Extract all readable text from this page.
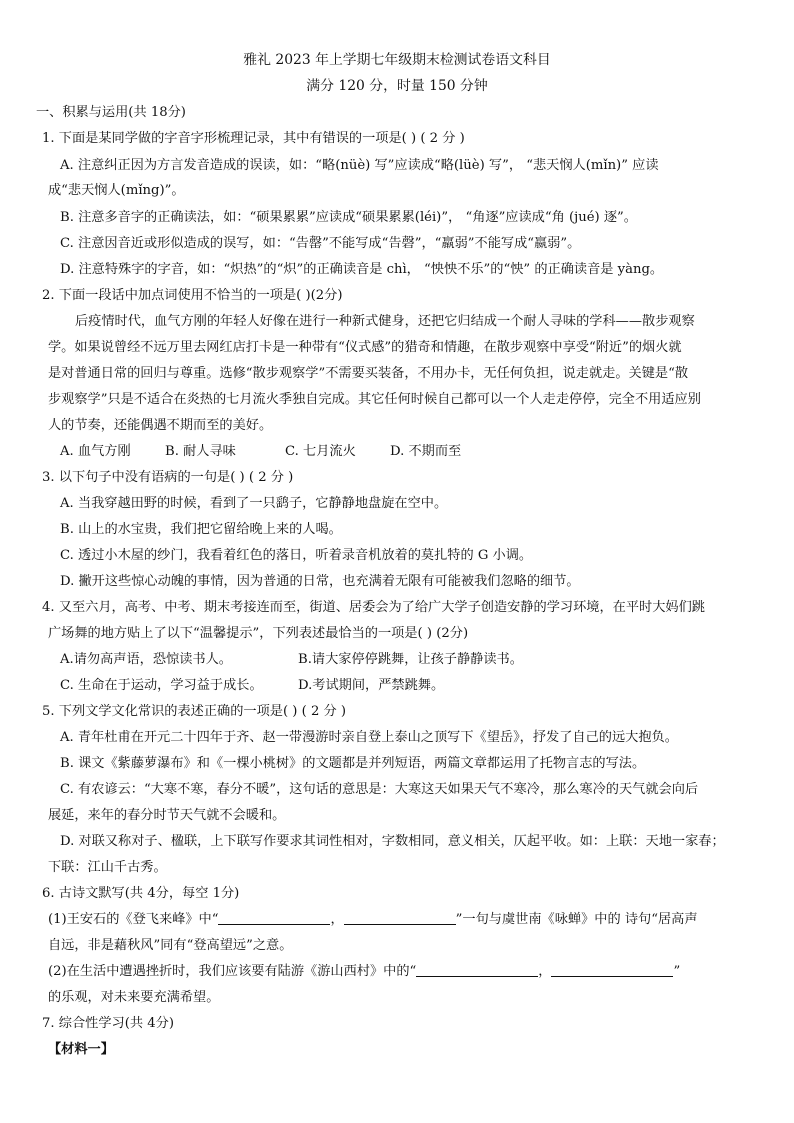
雅礼 2023 年上学期七年级期末检测试卷语文科目
满分 120 分，时量 150 分钟
一、积累与运用(共 18分)
1. 下面是某同学做的字音字形梳理记录，其中有错误的一项是( ) ( 2 分 )
A. 注意纠正因为方言发音造成的误读，如：“略(nüè) 写”应读成“略(lüè) 写”， “悲天悯人(mǐn)” 应读
成“悲天悯人(mǐng)”。
B. 注意多音字的正确读法，如：“硕果累累”应读成“硕果累累(léi)”， “角逐”应读成“角 (jué) 逐”。
C. 注意因音近或形似造成的误写，如：“告罄”不能写成“告磬”，“羸弱”不能写成“嬴弱”。
D. 注意特殊字的字音，如：“炽热”的“炽”的正确读音是 chì， “怏怏不乐”的“怏” 的正确读音是 yàng。
2. 下面一段话中加点词使用不恰当的一项是( )(2分)
后疫情时代，血气方刚的年轻人好像在进行一种新式健身，还把它归结成一个耐人寻味的学科——散步观察
学。如果说曾经不远万里去网红店打卡是一种带有“仪式感”的猎奇和情趣，在散步观察中享受“附近”的烟火就
是对普通日常的回归与尊重。选修“散步观察学”不需要买装备，不用办卡，无任何负担，说走就走。关键是“散
步观察学”只是不适合在炎热的七月流火季独自完成。其它任何时候自己都可以一个人走走停停，完全不用适应别
人的节奏，还能偶遇不期而至的美好。
A. 血气方刚	B. 耐人寻味	C. 七月流火	D. 不期而至
3. 以下句子中没有语病的一句是( ) ( 2 分 )
A. 当我穿越田野的时候，看到了一只鹞子，它静静地盘旋在空中。
B. 山上的水宝贵，我们把它留给晚上来的人喝。
C. 透过小木屋的纱门，我看着红色的落日，听着录音机放着的莫扎特的 G 小调。
D. 撇开这些惊心动魄的事情，因为普通的日常，也充满着无限有可能被我们忽略的细节。
4. 又至六月，高考、中考、期末考接连而至，街道、居委会为了给广大学子创造安静的学习环境，在平时大妈们跳
广场舞的地方贴上了以下“温馨提示”，下列表述最恰当的一项是( ) (2分)
A.请勿高声语，恐惊读书人。	B.请大家停停跳舞，让孩子静静读书。
C. 生命在于运动，学习益于成长。	D.考试期间，严禁跳舞。
5. 下列文学文化常识的表述正确的一项是( ) ( 2 分 )
A. 青年杜甫在开元二十四年于齐、赵一带漫游时亲自登上泰山之顶写下《望岳》，抒发了自己的远大抱负。
B. 课文《紫藤萝瀑布》和《一棵小桃树》的文题都是并列短语，两篇文章都运用了托物言志的写法。
C. 有农谚云：“大寒不寒，春分不暖”，这句话的意思是：大寒这天如果天气不寒冷，那么寒冷的天气就会向后
展延，来年的春分时节天气就不会暖和。
D. 对联又称对子、楹联，上下联写作要求其词性相对，字数相同，意义相关，仄起平收。如：上联：天地一家春；
下联：江山千古秀。
6. 古诗文默写(共 4分，每空 1分)
(1)王安石的《登飞来峰》中“	，	”一句与虞世南《咏蝉》中的 诗句“居高声
自远，非是藉秋风”同有“登高望远”之意。
(2)在生活中遭遇挫折时，我们应该要有陆游《游山西村》中的“	，	”
的乐观，对未来要充满希望。
7. 综合性学习(共 4分)
【材料一】
